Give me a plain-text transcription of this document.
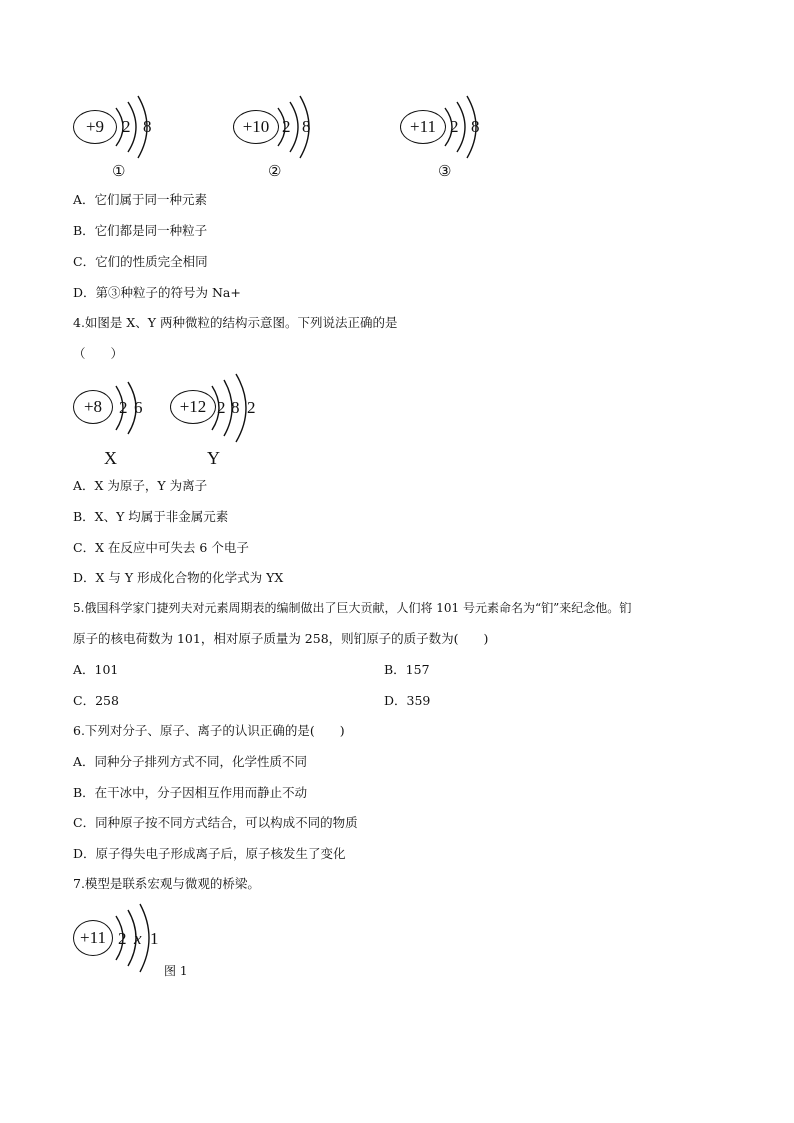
+9 2 8
①
+10 2 8
②
+11 2 8
③
A．它们属于同一种元素
B．它们都是同一种粒子
C．它们的性质完全相同
D．第③种粒子的符号为 Na+
4.如图是 X、Y 两种微粒的结构示意图。下列说法正确的是
（　　）
+8 2 6
X
+12 2 8 2
Y
A．X 为原子，Y 为离子
B．X、Y 均属于非金属元素
C．X 在反应中可失去 6 个电子
D．X 与 Y 形成化合物的化学式为 YX
5.俄国科学家门捷列夫对元素周期表的编制做出了巨大贡献，人们将 101 号元素命名为“钔”来纪念他。钔
原子的核电荷数为 101，相对原子质量为 258，则钔原子的质子数为(　　)
A．101	B．157
C．258	D．359
6.下列对分子、原子、离子的认识正确的是(　　)
A．同种分子排列方式不同，化学性质不同
B．在干冰中，分子因相互作用而静止不动
C．同种原子按不同方式结合，可以构成不同的物质
D．原子得失电子形成离子后，原子核发生了变化
7.模型是联系宏观与微观的桥梁。
+11 2 x 1
图 1
